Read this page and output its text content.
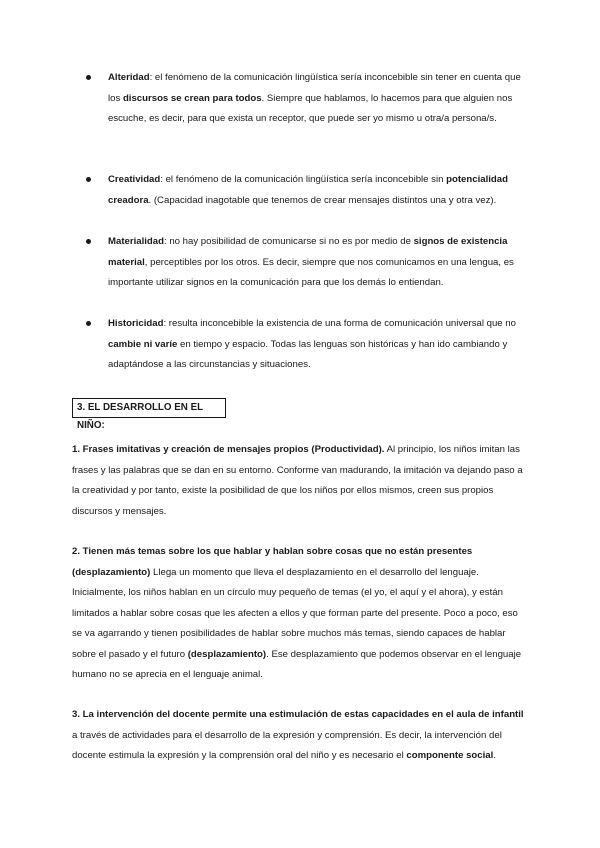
Alteridad: el fenómeno de la comunicación lingüística sería inconcebible sin tener en cuenta que los discursos se crean para todos. Siempre que hablamos, lo hacemos para que alguien nos escuche, es decir, para que exista un receptor, que puede ser yo mismo u otra/a persona/s.
Creatividad: el fenómeno de la comunicación lingüística sería inconcebible sin potencialidad creadora. (Capacidad inagotable que tenemos de crear mensajes distintos una y otra vez).
Materialidad: no hay posibilidad de comunicarse si no es por medio de signos de existencia material, perceptibles por los otros. Es decir, siempre que nos comunicamos en una lengua, es importante utilizar signos en la comunicación para que los demás lo entiendan.
Historicidad: resulta inconcebible la existencia de una forma de comunicación universal que no cambie ni varíe en tiempo y espacio. Todas las lenguas son históricas y han ido cambiando y adaptándose a las circunstancias y situaciones.
3. EL DESARROLLO EN EL NIÑO:
1. Frases imitativas y creación de mensajes propios (Productividad). Al principio, los niños imitan las frases y las palabras que se dan en su entorno. Conforme van madurando, la imitación va dejando paso a la creatividad y por tanto, existe la posibilidad de que los niños por ellos mismos, creen sus propios discursos y mensajes.
2. Tienen más temas sobre los que hablar y hablan sobre cosas que no están presentes (desplazamiento) Llega un momento que lleva el desplazamiento en el desarrollo del lenguaje. Inicialmente, los niños hablan en un círculo muy pequeño de temas (el yo, el aquí y el ahora), y están limitados a hablar sobre cosas que les afecten a ellos y que forman parte del presente. Poco a poco, eso se va agarrando y tienen posibilidades de hablar sobre muchos más temas, siendo capaces de hablar sobre el pasado y el futuro (desplazamiento). Ese desplazamiento que podemos observar en el lenguaje humano no se aprecia en el lenguaje animal.
3. La intervención del docente permite una estimulación de estas capacidades en el aula de infantil a través de actividades para el desarrollo de la expresión y comprensión. Es decir, la intervención del docente estimula la expresión y la comprensión oral del niño y es necesario el componente social.
